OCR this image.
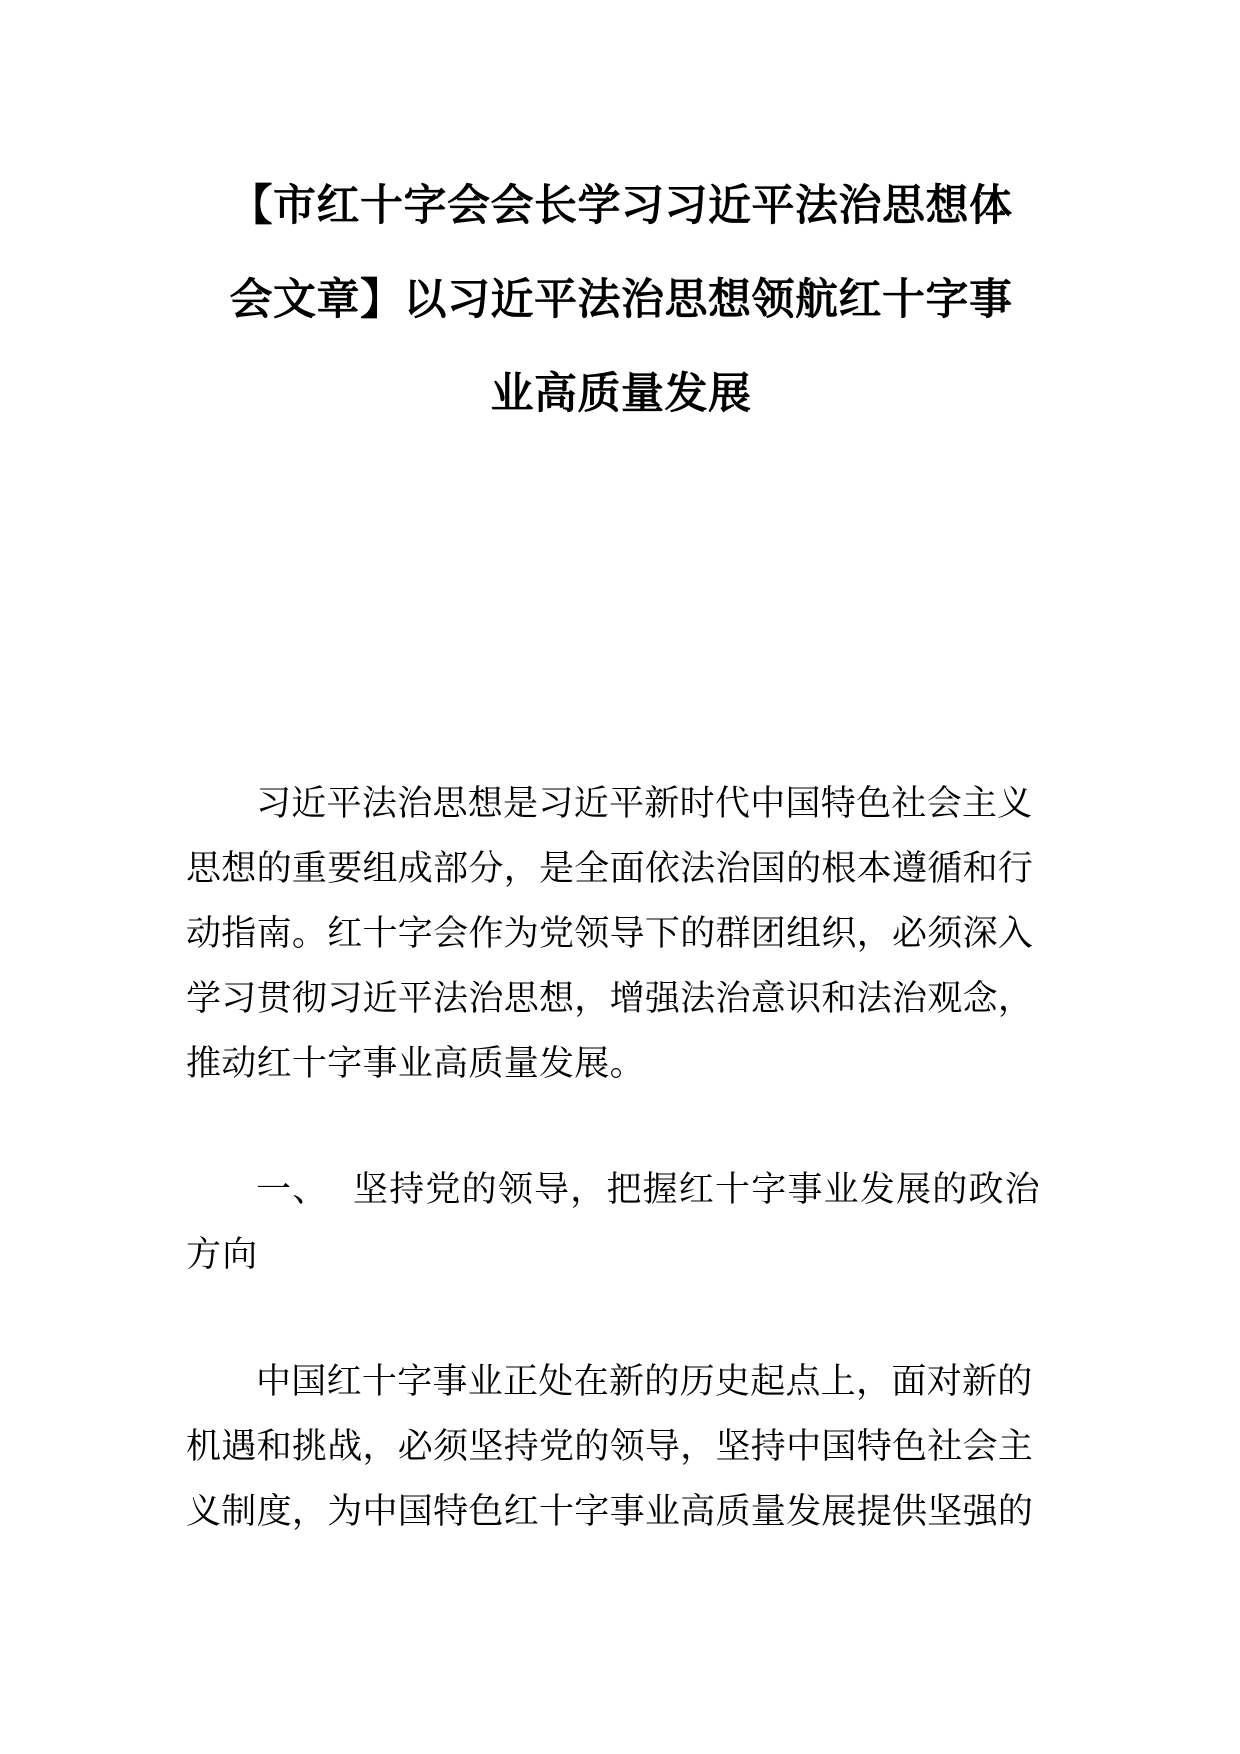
【市红十字会会长学习习近平法治思想体
会文章】以习近平法治思想领航红十字事
业高质量发展
习近平法治思想是习近平新时代中国特色社会主义
思想的重要组成部分，是全面依法治国的根本遵循和行
动指南。红十字会作为党领导下的群团组织，必须深入
学习贯彻习近平法治思想，增强法治意识和法治观念，
推动红十字事业高质量发展。
一、  坚持党的领导，把握红十字事业发展的政治
方向
中国红十字事业正处在新的历史起点上，面对新的
机遇和挑战，必须坚持党的领导，坚持中国特色社会主
义制度，为中国特色红十字事业高质量发展提供坚强的
